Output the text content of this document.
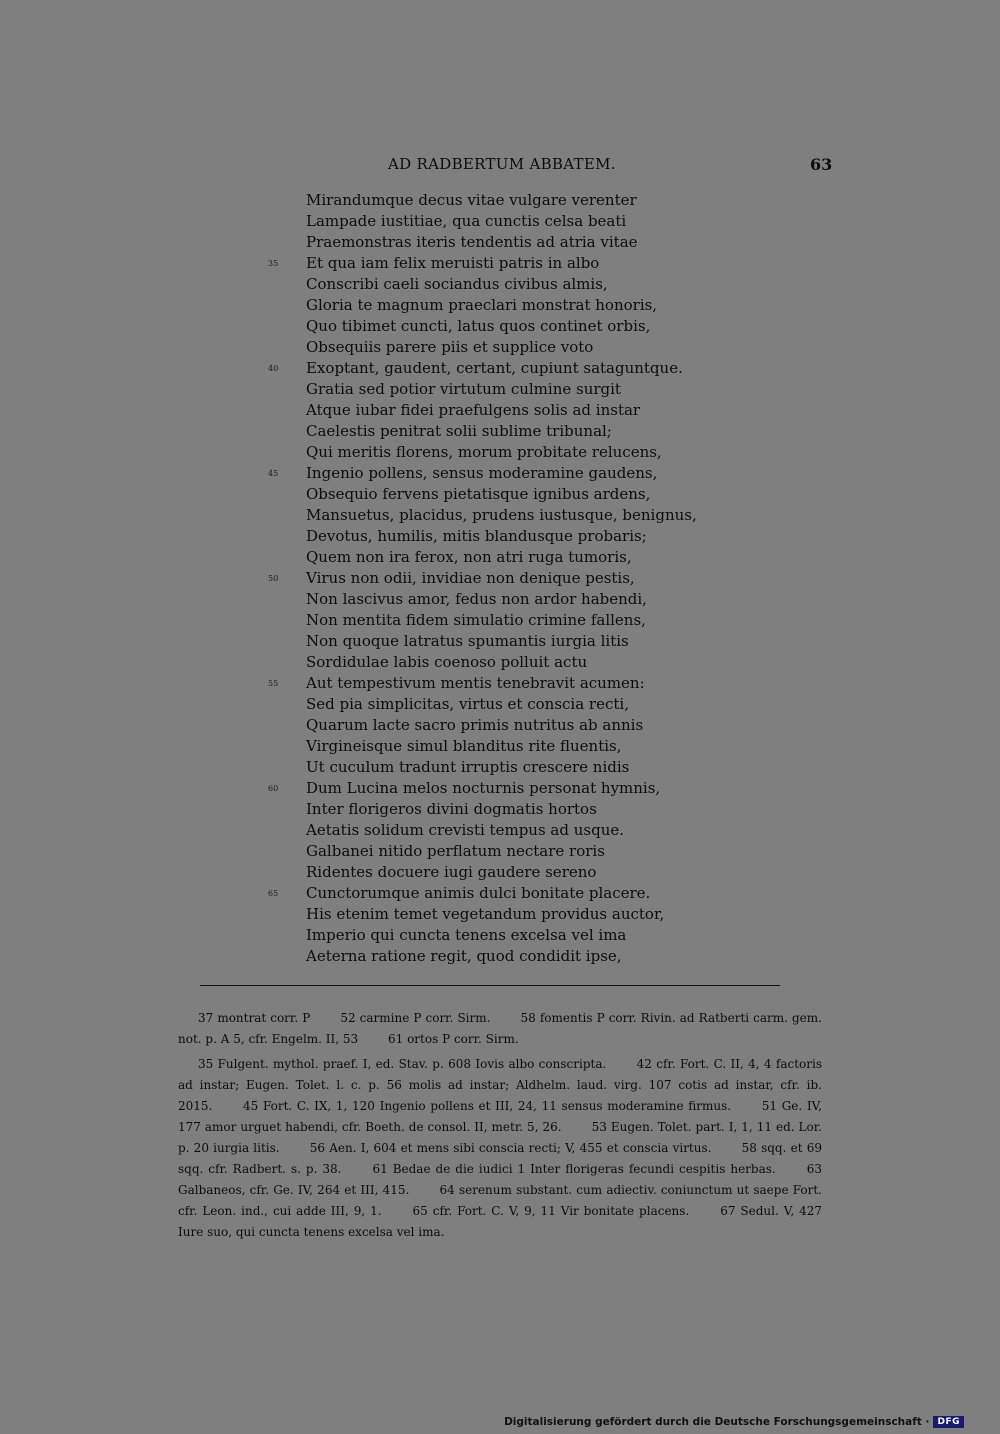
AD RADBERTUM ABBATEM.	63
Mirandumque decus vitae vulgare verenter
Lampade iustitiae, qua cunctis celsa beati
Praemonstras iteris tendentis ad atria vitae
35	Et qua iam felix meruisti patris in albo
Conscribi caeli sociandus civibus almis,
Gloria te magnum praeclari monstrat honoris,
Quo tibimet cuncti, latus quos continet orbis,
Obsequiis parere piis et supplice voto
40	Exoptant, gaudent, certant, cupiunt sataguntque.
Gratia sed potior virtutum culmine surgit
Atque iubar fidei praefulgens solis ad instar
Caelestis penitrat solii sublime tribunal;
Qui meritis florens, morum probitate relucens,
45	Ingenio pollens, sensus moderamine gaudens,
Obsequio fervens pietatisque ignibus ardens,
Mansuetus, placidus, prudens iustusque, benignus,
Devotus, humilis, mitis blandusque probaris;
Quem non ira ferox, non atri ruga tumoris,
50	Virus non odii, invidiae non denique pestis,
Non lascivus amor, fedus non ardor habendi,
Non mentita fidem simulatio crimine fallens,
Non quoque latratus spumantis iurgia litis
Sordidulae labis coenoso polluit actu
55	Aut tempestivum mentis tenebravit acumen:
Sed pia simplicitas, virtus et conscia recti,
Quarum lacte sacro primis nutritus ab annis
Virgineisque simul blanditus rite fluentis,
Ut cuculum tradunt irruptis crescere nidis
60	Dum Lucina melos nocturnis personat hymnis,
Inter florigeros divini dogmatis hortos
Aetatis solidum crevisti tempus ad usque.
Galbanei nitido perflatum nectare roris
Ridentes docuere iugi gaudere sereno
65	Cunctorumque animis dulci bonitate placere.
His etenim temet vegetandum providus auctor,
Imperio qui cuncta tenens excelsa vel ima
Aeterna ratione regit, quod condidit ipse,

37 montrat corr. P	52 carmine P corr. Sirm.	58 fomentis P corr. Rivin. ad Ratberti carm. gem. not. p. A 5, cfr. Engelm. II, 53 61 ortos P corr. Sirm.

35 Fulgent. mythol. praef. I, ed. Stav. p. 608 Iovis albo conscripta.	42 cfr. Fort. C. II, 4, 4 factoris ad instar; Eugen. Tolet. l. c. p. 56 molis ad instar; Aldhelm. laud. virg. 107 cotis ad instar, cfr. ib. 2015.	45 Fort. C. IX, 1, 120 Ingenio pollens et III, 24, 11 sensus moderamine firmus.	51 Ge. IV, 177 amor urguet habendi, cfr. Boeth. de consol. II, metr. 5, 26.	53 Eugen. Tolet. part. I, 1, 11 ed. Lor. p. 20 iurgia litis.	56 Aen. I, 604 et mens sibi conscia recti; V, 455 et conscia virtus.	58 sqq. et 69 sqq. cfr. Radbert. s. p. 38.	61 Bedae de die iudici 1 Inter florigeras fecundi cespitis herbas.	63 Galbaneos, cfr. Ge. IV, 264 et III, 415.	64 serenum substant. cum adiectiv. coniunctum ut saepe Fort. cfr. Leon. ind., cui adde III, 9, 1.	65 cfr. Fort. C. V, 9, 11 Vir bonitate placens.	67 Sedul. V, 427 Iure suo, qui cuncta tenens excelsa vel ima.

Digitalisierung gefördert durch die Deutsche Forschungsgemeinschaft · DFG
